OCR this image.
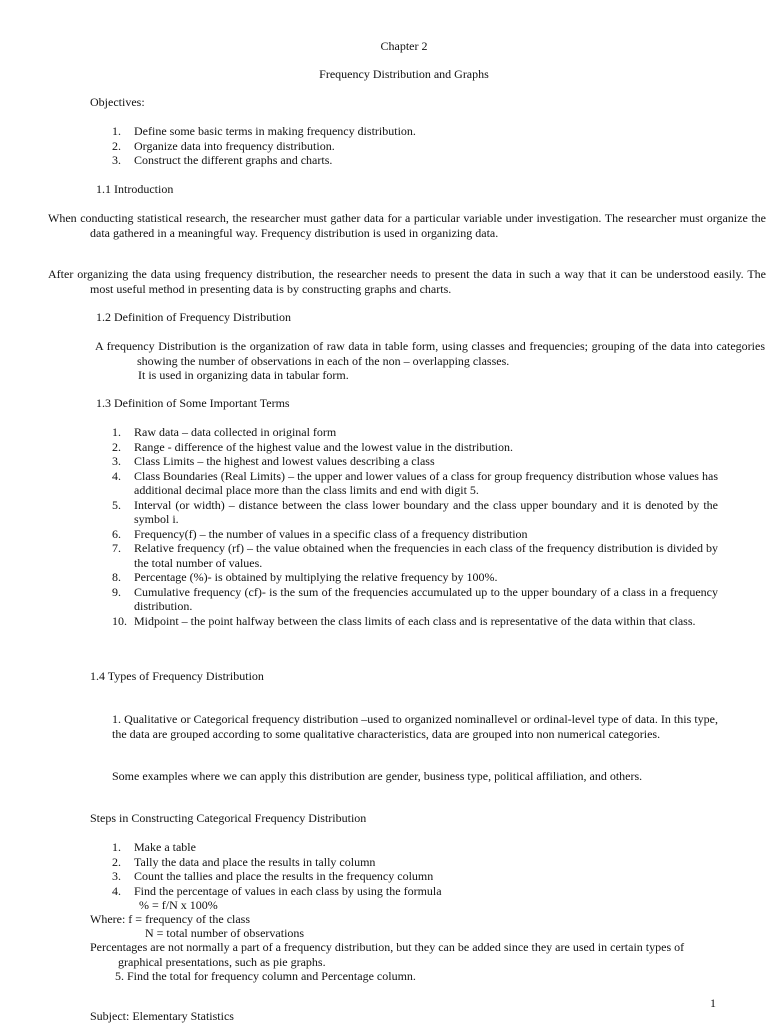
Chapter 2
Frequency Distribution and Graphs
Objectives:
1. Define some basic terms in making frequency distribution.
2. Organize data into frequency distribution.
3. Construct the different graphs and charts.
1.1 Introduction
When conducting statistical research, the researcher must gather data for a particular variable under investigation. The researcher must organize the data gathered in a meaningful way. Frequency distribution is used in organizing data.
After organizing the data using frequency distribution, the researcher needs to present the data in such a way that it can be understood easily. The most useful method in presenting data is by constructing graphs and charts.
1.2 Definition of Frequency Distribution
A frequency Distribution is the organization of raw data in table form, using classes and frequencies; grouping of the data into categories showing the number of observations in each of the non – overlapping classes.
It is used in organizing data in tabular form.
1.3 Definition of Some Important Terms
1. Raw data – data collected in original form
2. Range - difference of the highest value and the lowest value in the distribution.
3. Class Limits – the highest and lowest values describing a class
4. Class Boundaries (Real Limits) – the upper and lower values of a class for group frequency distribution whose values has additional decimal place more than the class limits and end with digit 5.
5. Interval (or width) – distance between the class lower boundary and the class upper boundary and it is denoted by the symbol i.
6. Frequency(f) – the number of values in a specific class of a frequency distribution
7. Relative frequency (rf) – the value obtained when the frequencies in each class of the frequency distribution is divided by the total number of values.
8. Percentage (%)- is obtained by multiplying the relative frequency by 100%.
9. Cumulative frequency (cf)- is the sum of the frequencies accumulated up to the upper boundary of a class in a frequency distribution.
10. Midpoint – the point halfway between the class limits of each class and is representative of the data within that class.
1.4 Types of Frequency Distribution
1. Qualitative or Categorical frequency distribution –used to organized nominallevel or ordinal-level type of data. In this type, the data are grouped according to some qualitative characteristics, data are grouped into non numerical categories.
Some examples where we can apply this distribution are gender, business type, political affiliation, and others.
Steps in Constructing Categorical Frequency Distribution
1. Make a table
2. Tally the data and place the results in tally column
3. Count the tallies and place the results in the frequency column
4. Find the percentage of values in each class by using the formula
% = f/N x 100%
Where: f = frequency of the class
N = total number of observations
Percentages are not normally a part of a frequency distribution, but they can be added since they are used in certain types of graphical presentations, such as pie graphs.
5. Find the total for frequency column and Percentage column.
1
Subject: Elementary Statistics
